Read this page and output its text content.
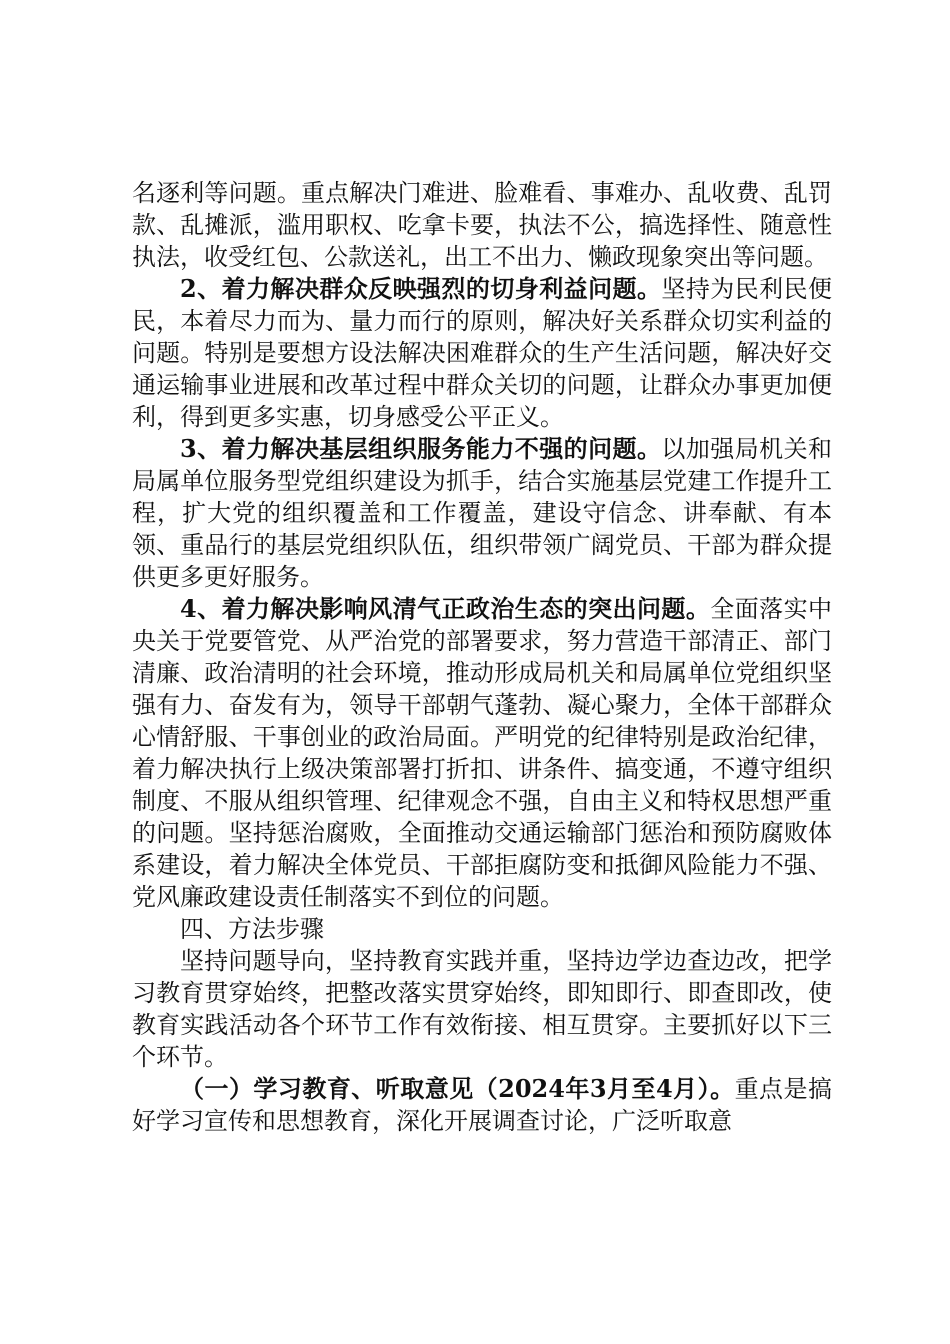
名逐利等问题。重点解决门难进、脸难看、事难办、乱收费、乱罚款、乱摊派，滥用职权、吃拿卡要，执法不公，搞选择性、随意性执法，收受红包、公款送礼，出工不出力、懒政现象突出等问题。

2、着力解决群众反映强烈的切身利益问题。坚持为民利民便民，本着尽力而为、量力而行的原则，解决好关系群众切实利益的问题。特别是要想方设法解决困难群众的生产生活问题，解决好交通运输事业进展和改革过程中群众关切的问题，让群众办事更加便利，得到更多实惠，切身感受公平正义。

3、着力解决基层组织服务能力不强的问题。以加强局机关和局属单位服务型党组织建设为抓手，结合实施基层党建工作提升工程，扩大党的组织覆盖和工作覆盖，建设守信念、讲奉献、有本领、重品行的基层党组织队伍，组织带领广阔党员、干部为群众提供更多更好服务。

4、着力解决影响风清气正政治生态的突出问题。全面落实中央关于党要管党、从严治党的部署要求，努力营造干部清正、部门清廉、政治清明的社会环境，推动形成局机关和局属单位党组织坚强有力、奋发有为，领导干部朝气蓬勃、凝心聚力，全体干部群众心情舒服、干事创业的政治局面。严明党的纪律特别是政治纪律，着力解决执行上级决策部署打折扣、讲条件、搞变通，不遵守组织制度、不服从组织管理、纪律观念不强，自由主义和特权思想严重的问题。坚持惩治腐败，全面推动交通运输部门惩治和预防腐败体系建设，着力解决全体党员、干部拒腐防变和抵御风险能力不强、党风廉政建设责任制落实不到位的问题。

四、方法步骤

坚持问题导向，坚持教育实践并重，坚持边学边查边改，把学习教育贯穿始终，把整改落实贯穿始终，即知即行、即查即改，使教育实践活动各个环节工作有效衔接、相互贯穿。主要抓好以下三个环节。

（一）学习教育、听取意见（2024年3月至4月）。重点是搞好学习宣传和思想教育，深化开展调查讨论，广泛听取意
